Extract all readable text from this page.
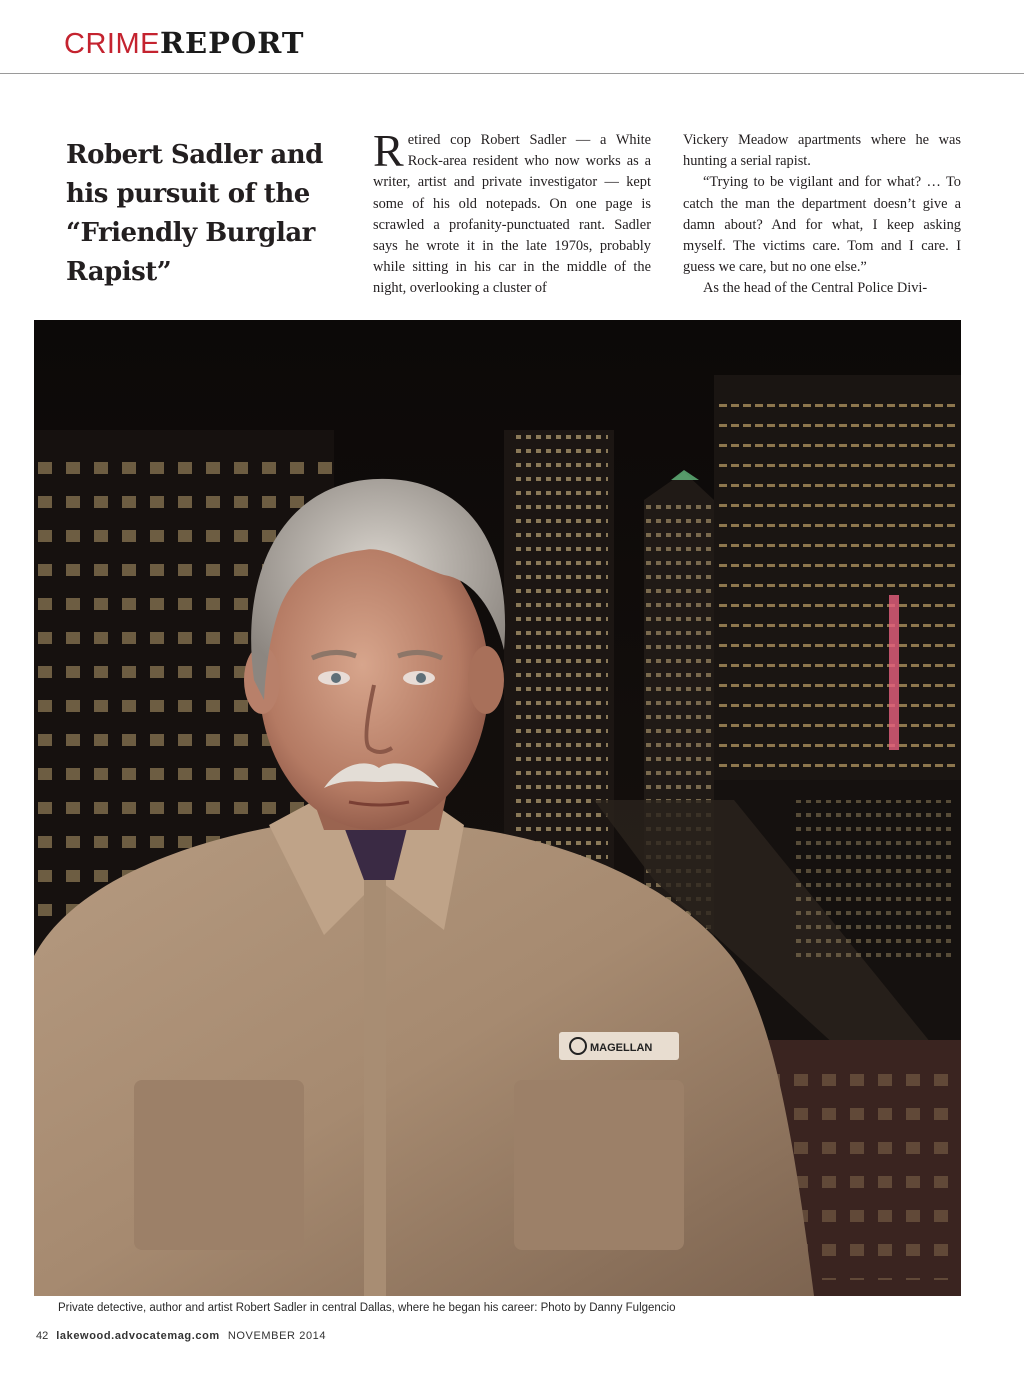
CRIME REPORT
Robert Sadler and his pursuit of the “Friendly Burglar Rapist”

Retired cop Robert Sadler — a White Rock-area resident who now works as a writer, artist and private investigator — kept some of his old notepads. On one page is scrawled a profanity-punctuated rant. Sadler says he wrote it in the late 1970s, probably while sitting in his car in the middle of the night, overlooking a cluster of

Vickery Meadow apartments where he was hunting a serial rapist.

“Trying to be vigilant and for what? … To catch the man the department doesn’t give a damn about? And for what, I keep asking myself. The victims care. Tom and I care. I guess we care, but no one else.”

As the head of the Central Police Divi-

MAGELLAN
Private detective, author and artist Robert Sadler in central Dallas, where he began his career: Photo by Danny Fulgencio
42 lakewood.advocatemag.com NOVEMBER 2014
